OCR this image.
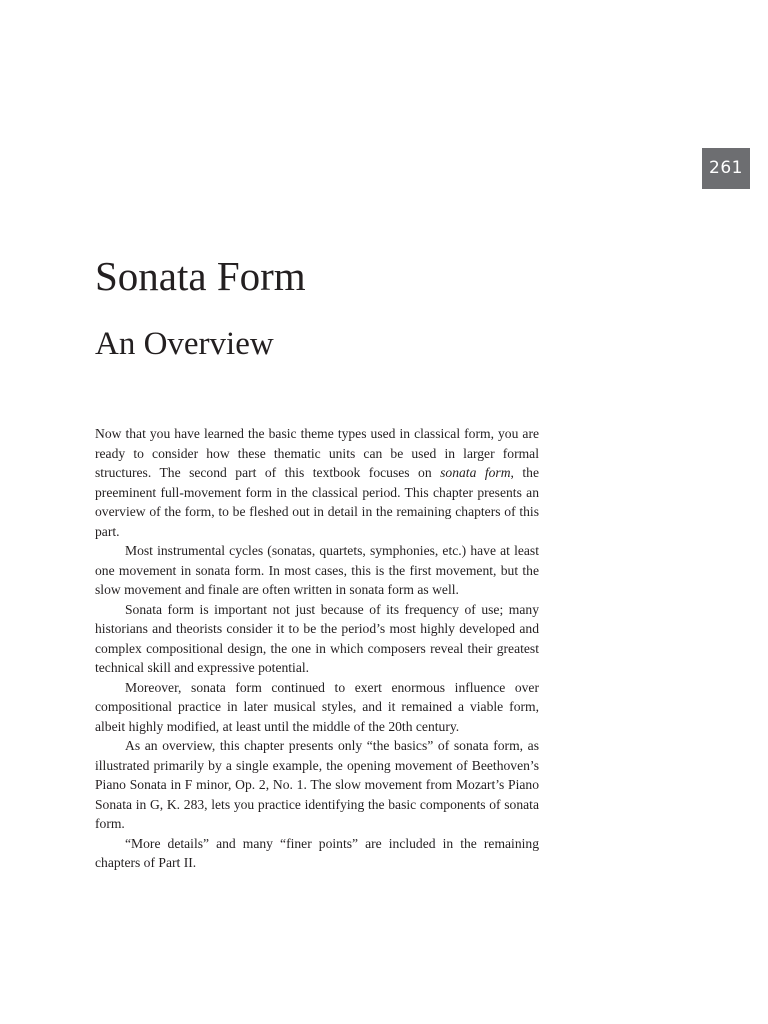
261
Sonata Form
An Overview

Now that you have learned the basic theme types used in classical form, you are ready to consider how these thematic units can be used in larger formal structures. The second part of this textbook focuses on sonata form, the preeminent full-movement form in the classical period. This chapter presents an overview of the form, to be fleshed out in detail in the remaining chapters of this part.

Most instrumental cycles (sonatas, quartets, symphonies, etc.) have at least one movement in sonata form. In most cases, this is the first movement, but the slow movement and finale are often written in sonata form as well.

Sonata form is important not just because of its frequency of use; many historians and theorists consider it to be the period’s most highly developed and complex compositional design, the one in which composers reveal their greatest technical skill and expressive potential.

Moreover, sonata form continued to exert enormous influence over compositional practice in later musical styles, and it remained a viable form, albeit highly modified, at least until the middle of the 20th century.

As an overview, this chapter presents only “the basics” of sonata form, as illustrated primarily by a single example, the opening movement of Beethoven’s Piano Sonata in F minor, Op. 2, No. 1. The slow movement from Mozart’s Piano Sonata in G, K. 283, lets you practice identifying the basic components of sonata form.

“More details” and many “finer points” are included in the remaining chapters of Part II.
